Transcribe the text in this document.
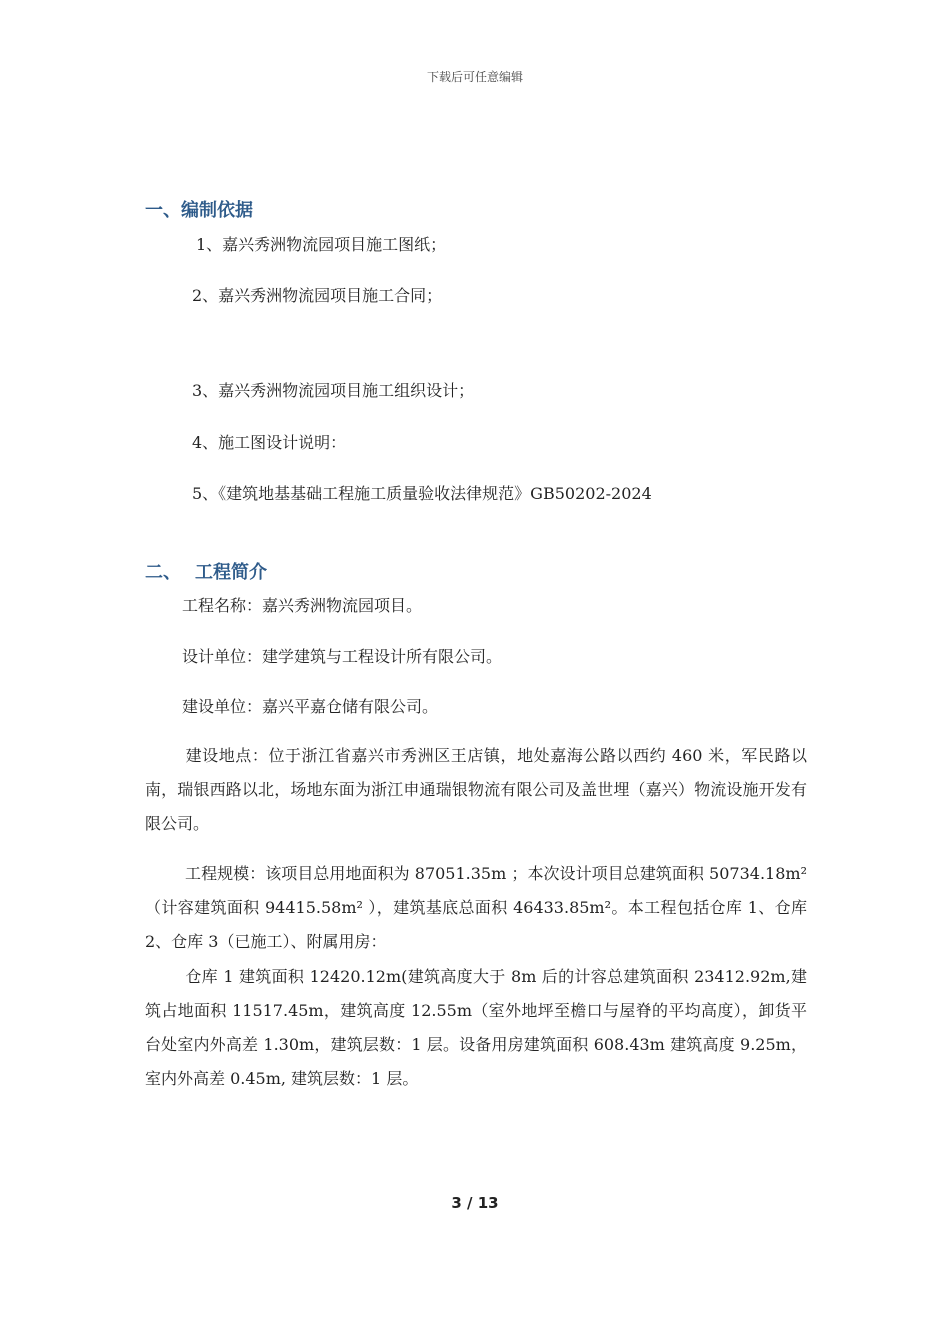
下载后可任意编辑
一、编制依据
1、嘉兴秀洲物流园项目施工图纸；
2、嘉兴秀洲物流园项目施工合同；
3、嘉兴秀洲物流园项目施工组织设计；
4、施工图设计说明：
5、《建筑地基基础工程施工质量验收法律规范》GB50202-2024
二、 工程简介
工程名称：嘉兴秀洲物流园项目。
设计单位：建学建筑与工程设计所有限公司。
建设单位：嘉兴平嘉仓储有限公司。
建设地点：位于浙江省嘉兴市秀洲区王店镇，地处嘉海公路以西约 460 米，军民路以南，瑞银西路以北，场地东面为浙江申通瑞银物流有限公司及盖世埋（嘉兴）物流设施开发有限公司。
工程规模：该项目总用地面积为 87051.35m ；本次设计项目总建筑面积 50734.18m² （计容建筑面积 94415.58m² ），建筑基底总面积 46433.85m²。本工程包括仓库 1、仓库 2、仓库 3（已施工）、附属用房：
仓库 1 建筑面积 12420.12m(建筑高度大于 8m 后的计容总建筑面积 23412.92m,建筑占地面积 11517.45m，建筑高度 12.55m（室外地坪至檐口与屋脊的平均高度），卸货平台处室内外高差 1.30m，建筑层数：1 层。设备用房建筑面积 608.43m 建筑高度 9.25m，室内外高差 0.45m, 建筑层数：1 层。
3 / 13
